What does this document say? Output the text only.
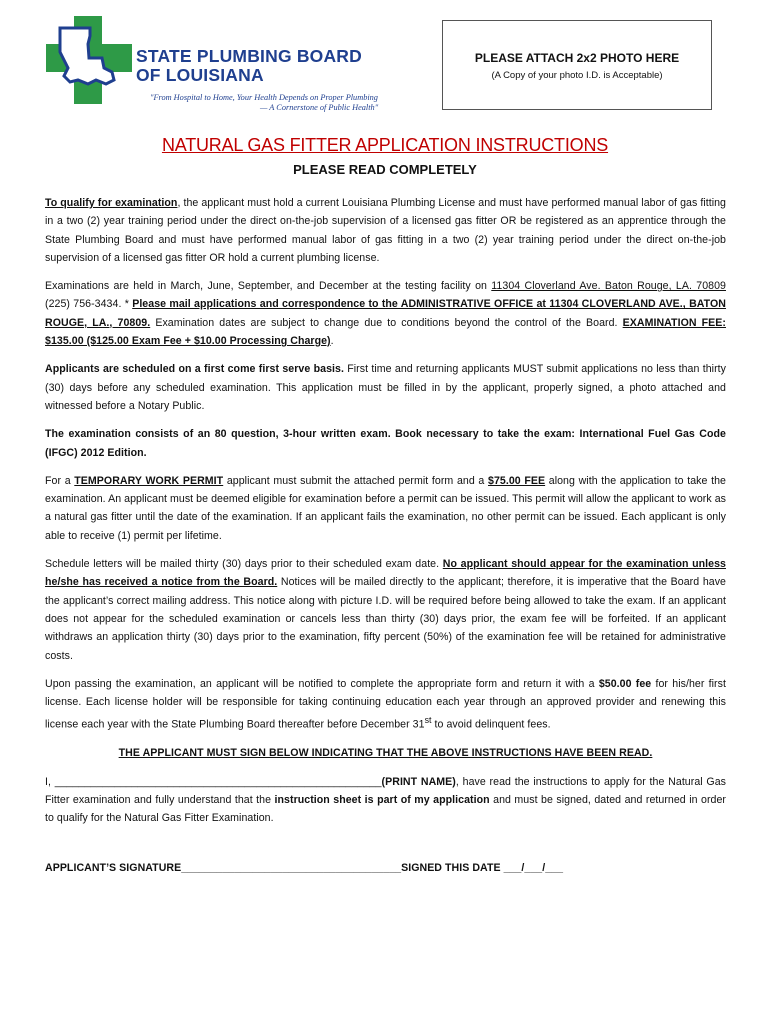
STATE PLUMBING BOARD
OF LOUISIANA
"From Hospital to Home, Your Health Depends on Proper Plumbing
— A Cornerstone of Public Health"
PLEASE ATTACH 2x2 PHOTO HERE
(A Copy of your photo I.D. is Acceptable)
NATURAL GAS FITTER APPLICATION INSTRUCTIONS
PLEASE READ COMPLETELY

To qualify for examination, the applicant must hold a current Louisiana Plumbing License and must have performed manual labor of gas fitting in a two (2) year training period under the direct on-the-job supervision of a licensed gas fitter OR be registered as an apprentice through the State Plumbing Board and must have performed manual labor of gas fitting in a two (2) year training period under the direct on-the-job supervision of a licensed gas fitter OR hold a current plumbing license.

Examinations are held in March, June, September, and December at the testing facility on 11304 Cloverland Ave. Baton Rouge, LA. 70809 (225) 756-3434. * Please mail applications and correspondence to the ADMINISTRATIVE OFFICE at 11304 CLOVERLAND AVE., BATON ROUGE, LA., 70809. Examination dates are subject to change due to conditions beyond the control of the Board. EXAMINATION FEE: $135.00 ($125.00 Exam Fee + $10.00 Processing Charge).

Applicants are scheduled on a first come first serve basis. First time and returning applicants MUST submit applications no less than thirty (30) days before any scheduled examination. This application must be filled in by the applicant, properly signed, a photo attached and witnessed before a Notary Public.

The examination consists of an 80 question, 3-hour written exam. Book necessary to take the exam: International Fuel Gas Code (IFGC) 2012 Edition.

For a TEMPORARY WORK PERMIT applicant must submit the attached permit form and a $75.00 FEE along with the application to take the examination. An applicant must be deemed eligible for examination before a permit can be issued. This permit will allow the applicant to work as a natural gas fitter until the date of the examination. If an applicant fails the examination, no other permit can be issued. Each applicant is only able to receive (1) permit per lifetime.

Schedule letters will be mailed thirty (30) days prior to their scheduled exam date. No applicant should appear for the examination unless he/she has received a notice from the Board. Notices will be mailed directly to the applicant; therefore, it is imperative that the Board have the applicant’s correct mailing address. This notice along with picture I.D. will be required before being allowed to take the exam. If an applicant does not appear for the scheduled examination or cancels less than thirty (30) days prior, the exam fee will be forfeited. If an applicant withdraws an application thirty (30) days prior to the examination, fifty percent (50%) of the examination fee will be retained for administrative costs.

Upon passing the examination, an applicant will be notified to complete the appropriate form and return it with a $50.00 fee for his/her first license. Each license holder will be responsible for taking continuing education each year through an approved provider and renewing this license each year with the State Plumbing Board thereafter before December 31st to avoid delinquent fees.

THE APPLICANT MUST SIGN BELOW INDICATING THAT THE ABOVE INSTRUCTIONS HAVE BEEN READ.

I, _______________________________________________________(PRINT NAME), have read the instructions to apply for the Natural Gas Fitter examination and fully understand that the instruction sheet is part of my application and must be signed, dated and returned in order to qualify for the Natural Gas Fitter Examination.

APPLICANT’S SIGNATURE_____________________________________SIGNED THIS DATE ___/___/___
